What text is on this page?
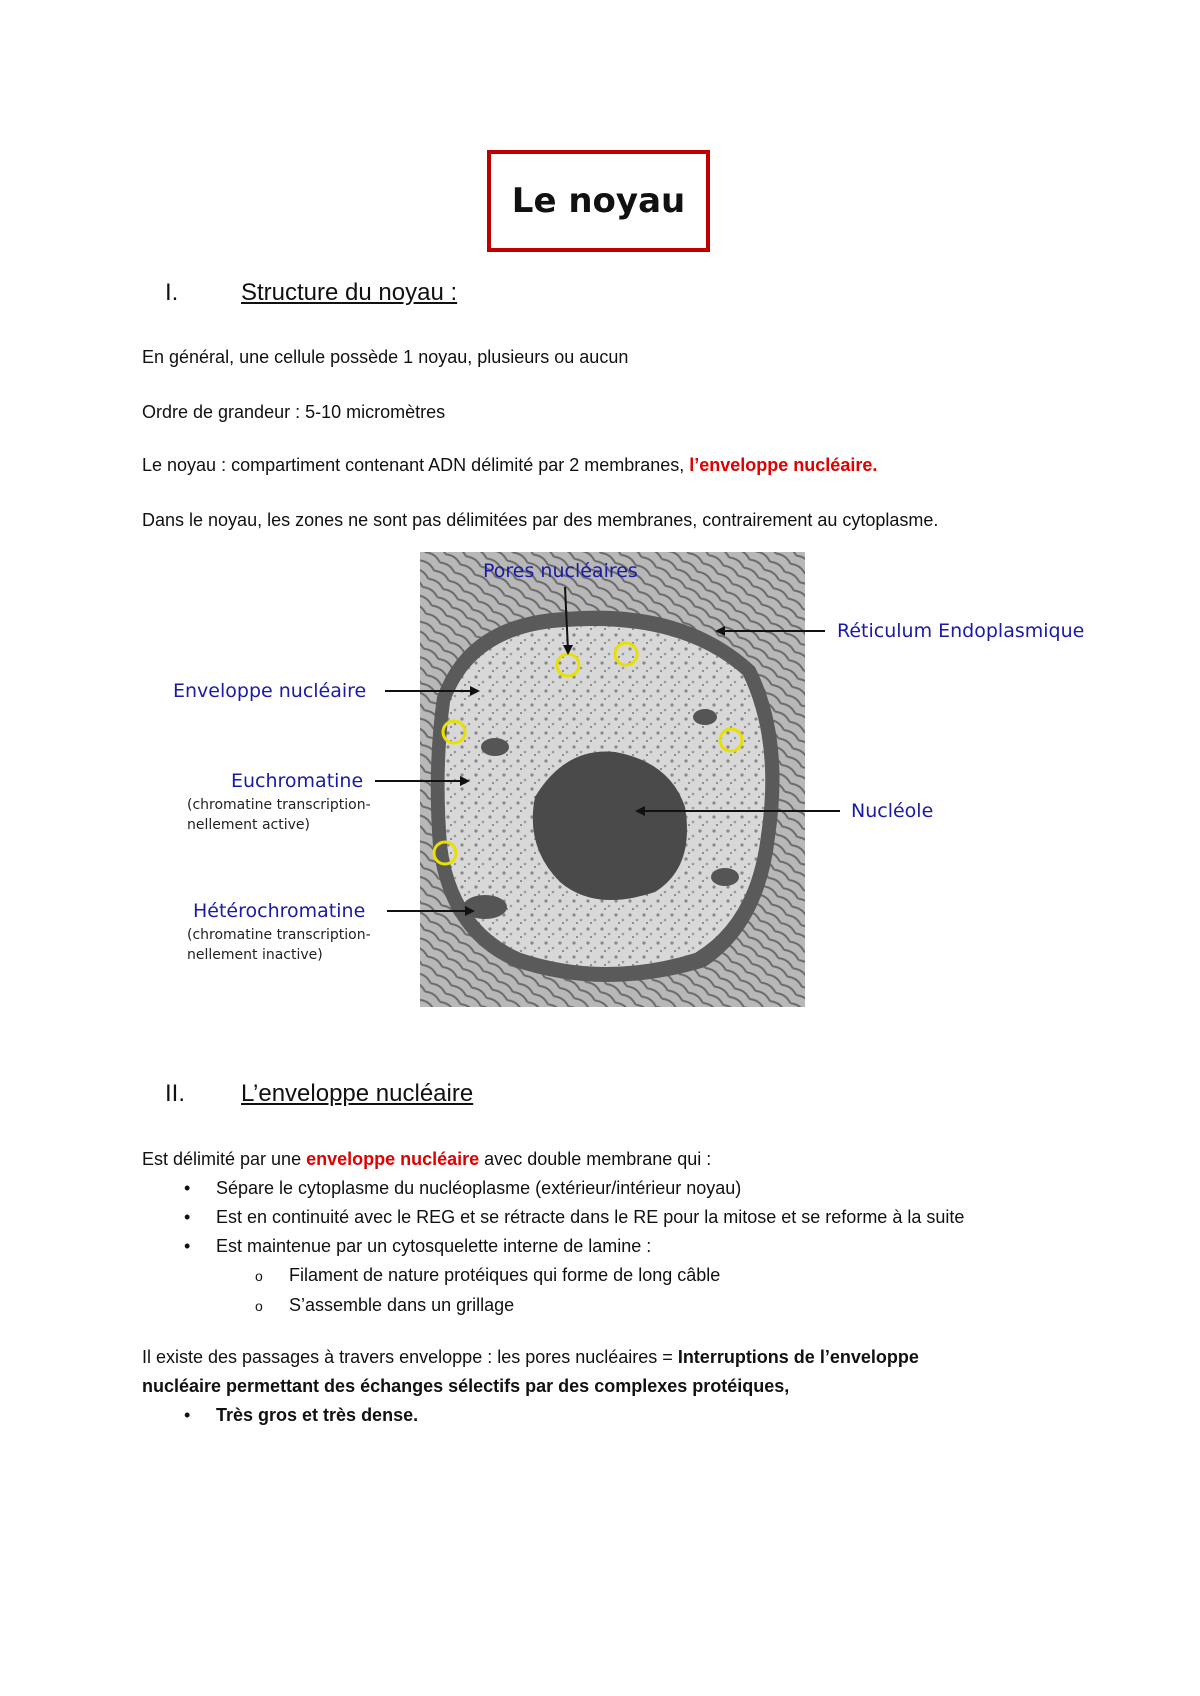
Le noyau
I.	Structure du noyau :
En général, une cellule possède 1 noyau, plusieurs ou aucun
Ordre de grandeur : 5-10 micromètres
Le noyau : compartiment contenant ADN délimité par 2 membranes, l’enveloppe nucléaire.
Dans le noyau, les zones ne sont pas délimitées par des membranes, contrairement au cytoplasme.
Pores nucléaires
Réticulum Endoplasmique
Enveloppe nucléaire
Euchromatine
(chromatine transcription-
nellement active)
Nucléole
Hétérochromatine
(chromatine transcription-
nellement inactive)
II.	L’enveloppe nucléaire
Est délimité par une enveloppe nucléaire avec double membrane qui :
•	Sépare le cytoplasme du nucléoplasme (extérieur/intérieur noyau)
•	Est en continuité avec le REG et se rétracte dans le RE pour la mitose et se reforme à la suite
•	Est maintenue par un cytosquelette interne de lamine :
o	Filament de nature protéiques qui forme de long câble
o	S’assemble dans un grillage
Il existe des passages à travers enveloppe : les pores nucléaires = Interruptions de l’enveloppe
nucléaire permettant des échanges sélectifs par des complexes protéiques,
•	Très gros et très dense.
